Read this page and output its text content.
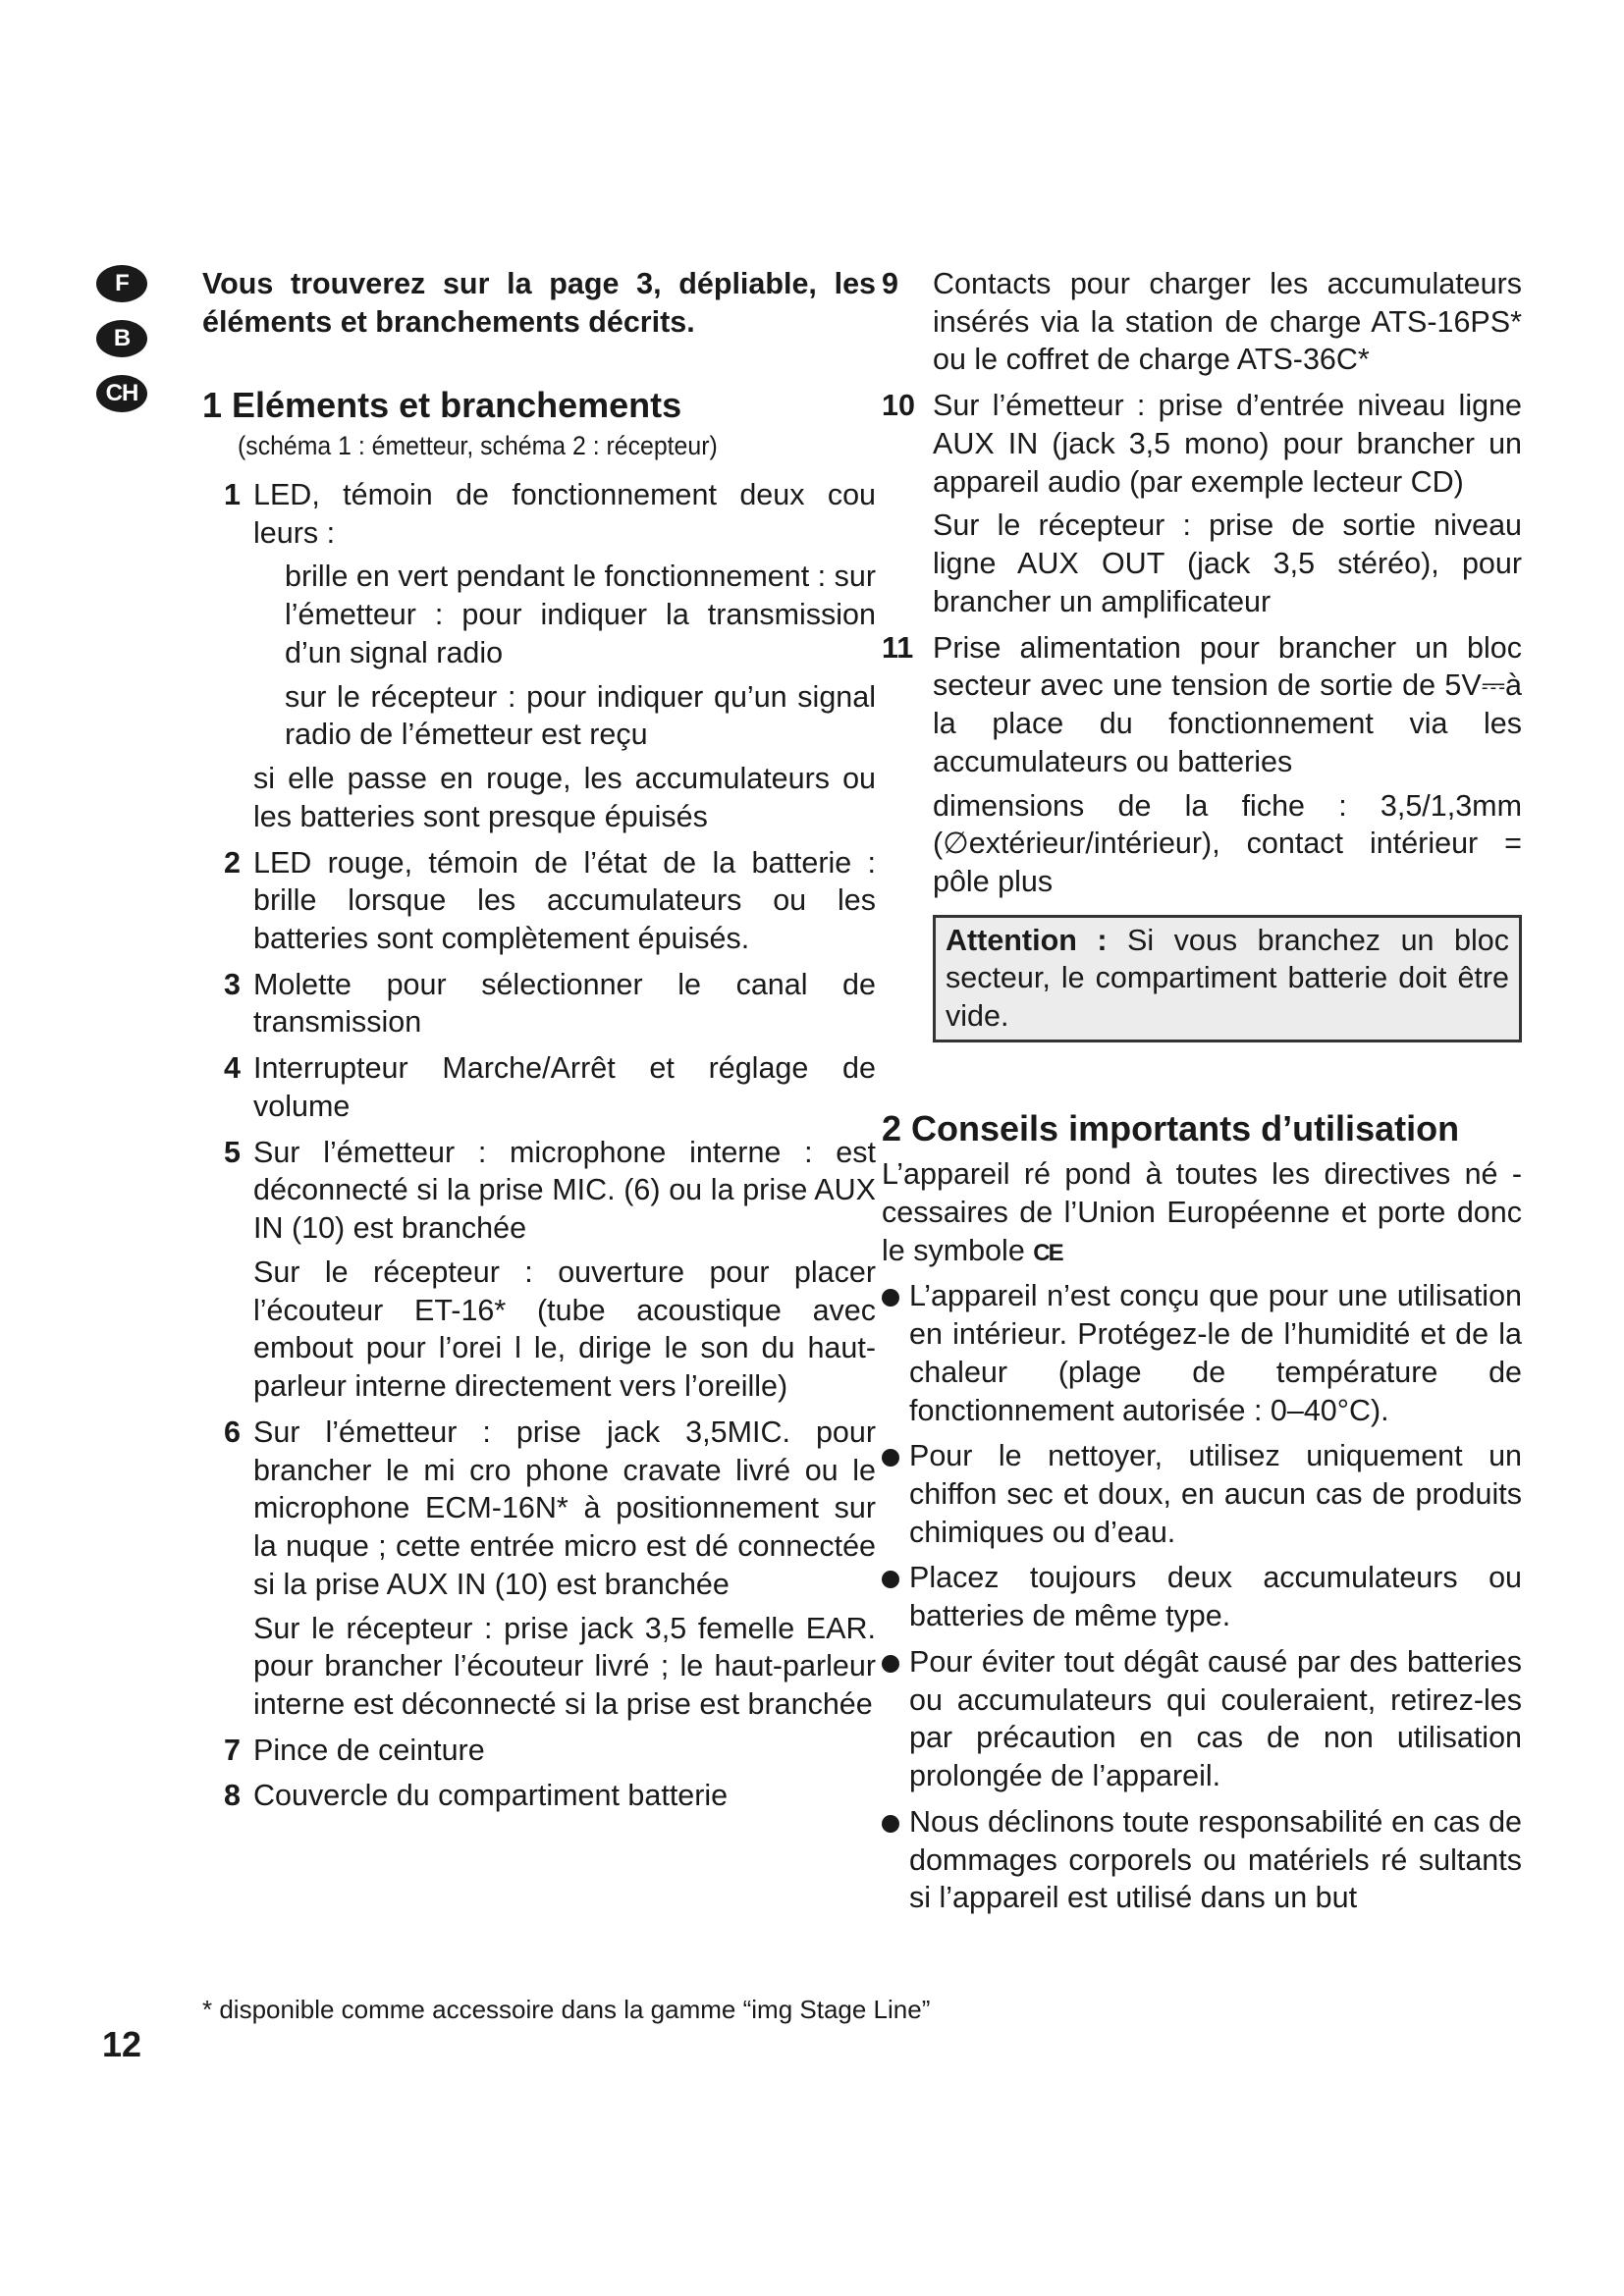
F
B
CH

Vous trouverez sur la page 3, dépliable, les éléments et branchements décrits.

1 Eléments et branchements
(schéma 1 : émetteur, schéma 2 : récepteur)
1 LED, témoin de fonctionnement deux cou leurs :
brille en vert pendant le fonctionnement : sur l’émetteur : pour indiquer la transmission d’un signal radio
sur le récepteur : pour indiquer qu’un signal radio de l’émetteur est reçu
si elle passe en rouge, les accumulateurs ou les batteries sont presque épuisés
2 LED rouge, témoin de l’état de la batterie : brille lorsque les accumulateurs ou les batteries sont complètement épuisés.
3 Molette pour sélectionner le canal de transmission
4 Interrupteur Marche/Arrêt et réglage de volume
5 Sur l’émetteur : microphone interne : est déconnecté si la prise MIC. (6) ou la prise AUX IN (10) est branchée
Sur le récepteur : ouverture pour placer l’écouteur ET-16* (tube acoustique avec embout pour l’orei l le, dirige le son du haut-parleur interne directement vers l’oreille)
6 Sur l’émetteur : prise jack 3,5MIC. pour brancher le mi cro phone cravate livré ou le microphone ECM-16N* à positionnement sur la nuque ; cette entrée micro est dé connectée si la prise AUX IN (10) est branchée
Sur le récepteur : prise jack 3,5 femelle EAR. pour brancher l’écouteur livré ; le haut-parleur interne est déconnecté si la prise est branchée
7 Pince de ceinture
8 Couvercle du compartiment batterie
9 Contacts pour charger les accumulateurs insérés via la station de charge ATS-16PS* ou le coffret de charge ATS-36C*
10 Sur l’émetteur : prise d’entrée niveau ligne AUX IN (jack 3,5 mono) pour brancher un appareil audio (par exemple lecteur CD)
Sur le récepteur : prise de sortie niveau ligne AUX OUT (jack 3,5 stéréo), pour brancher un amplificateur
11 Prise alimentation pour brancher un bloc secteur avec une tension de sortie de 5V⎓à la place du fonctionnement via les accumulateurs ou batteries
dimensions de la fiche : 3,5/1,3mm (∅extérieur/intérieur), contact intérieur = pôle plus
Attention : Si vous branchez un bloc secteur, le compartiment batterie doit être vide.
2 Conseils importants d’utilisation

L’appareil ré pond à toutes les directives né cessaires de l’Union Européenne et porte donc le symbole CE

L’appareil n’est conçu que pour une utilisation en intérieur. Protégez-le de l’humidité et de la chaleur (plage de température de fonctionnement autorisée : 0–40°C).
Pour le nettoyer, utilisez uniquement un chiffon sec et doux, en aucun cas de produits chimiques ou d’eau.
Placez toujours deux accumulateurs ou batteries de même type.
Pour éviter tout dégât causé par des batteries ou accumulateurs qui couleraient, retirez-les par précaution en cas de non utilisation prolongée de l’appareil.
Nous déclinons toute responsabilité en cas de dommages corporels ou matériels ré sultants si l’appareil est utilisé dans un but
* disponible comme accessoire dans la gamme “img Stage Line”
12
